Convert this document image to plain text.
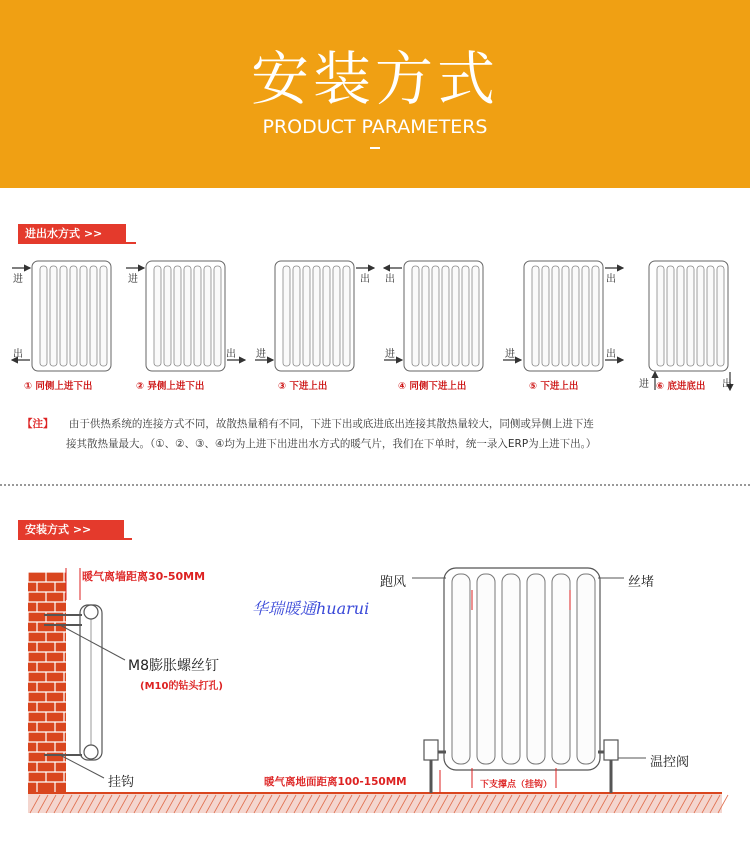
安装方式
PRODUCT PARAMETERS
进出水方式 >>
进
出
进
出 进
出 出
进	进
出
出
进	出
① 同侧上进下出	② 异侧上进下出	③ 下进上出	④ 同侧下进上出	⑤ 下进上出	⑥ 底进底出
【注】 由于供热系统的连接方式不同，故散热量稍有不同，下进下出或底进底出连接其散热量较大，同侧或异侧上进下连
接其散热量最大。（①、②、③、④均为上进下出进出水方式的暖气片，我们在下单时，统一录入ERP为上进下出。）
安装方式 >>
暖气离墙距离30-50MM
M8膨胀螺丝钉
(M10的钻头打孔)
挂钩
华瑞暖通huarui
跑风	丝堵
下支撑点（挂钩）
暖气离地面距离100-150MM
温控阀
